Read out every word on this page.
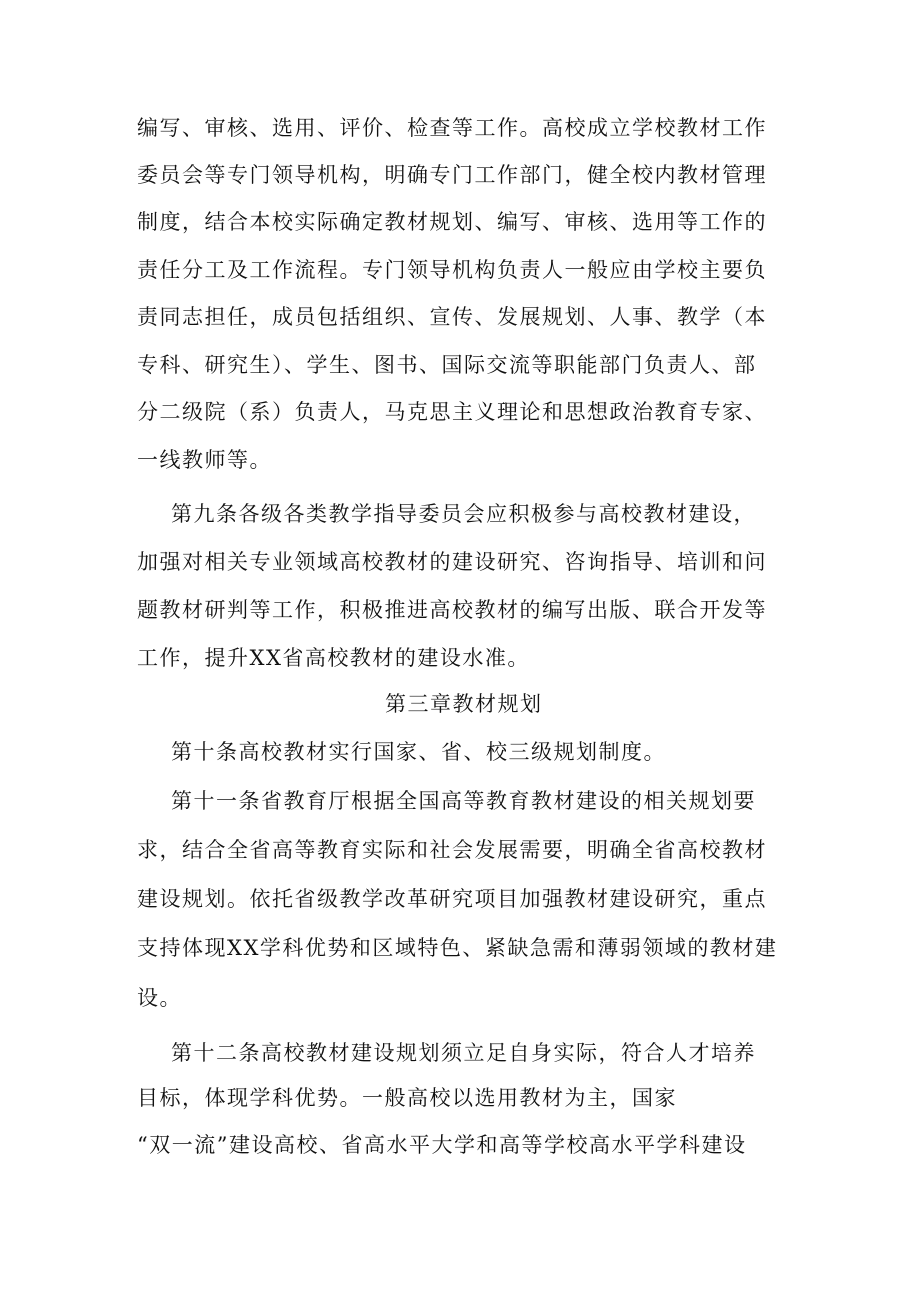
编写、审核、选用、评价、检查等工作。高校成立学校教材工作
委员会等专门领导机构，明确专门工作部门，健全校内教材管理
制度，结合本校实际确定教材规划、编写、审核、选用等工作的
责任分工及工作流程。专门领导机构负责人一般应由学校主要负
责同志担任，成员包括组织、宣传、发展规划、人事、教学（本
专科、研究生）、学生、图书、国际交流等职能部门负责人、部
分二级院（系）负责人，马克思主义理论和思想政治教育专家、
一线教师等。
第九条各级各类教学指导委员会应积极参与高校教材建设，
加强对相关专业领域高校教材的建设研究、咨询指导、培训和问
题教材研判等工作，积极推进高校教材的编写出版、联合开发等
工作，提升XX省高校教材的建设水准。
第三章教材规划
第十条高校教材实行国家、省、校三级规划制度。
第十一条省教育厅根据全国高等教育教材建设的相关规划要
求，结合全省高等教育实际和社会发展需要，明确全省高校教材
建设规划。依托省级教学改革研究项目加强教材建设研究，重点
支持体现XX学科优势和区域特色、紧缺急需和薄弱领域的教材建
设。
第十二条高校教材建设规划须立足自身实际，符合人才培养
目标，体现学科优势。一般高校以选用教材为主，国家
“双一流”建设高校、省高水平大学和高等学校高水平学科建设
